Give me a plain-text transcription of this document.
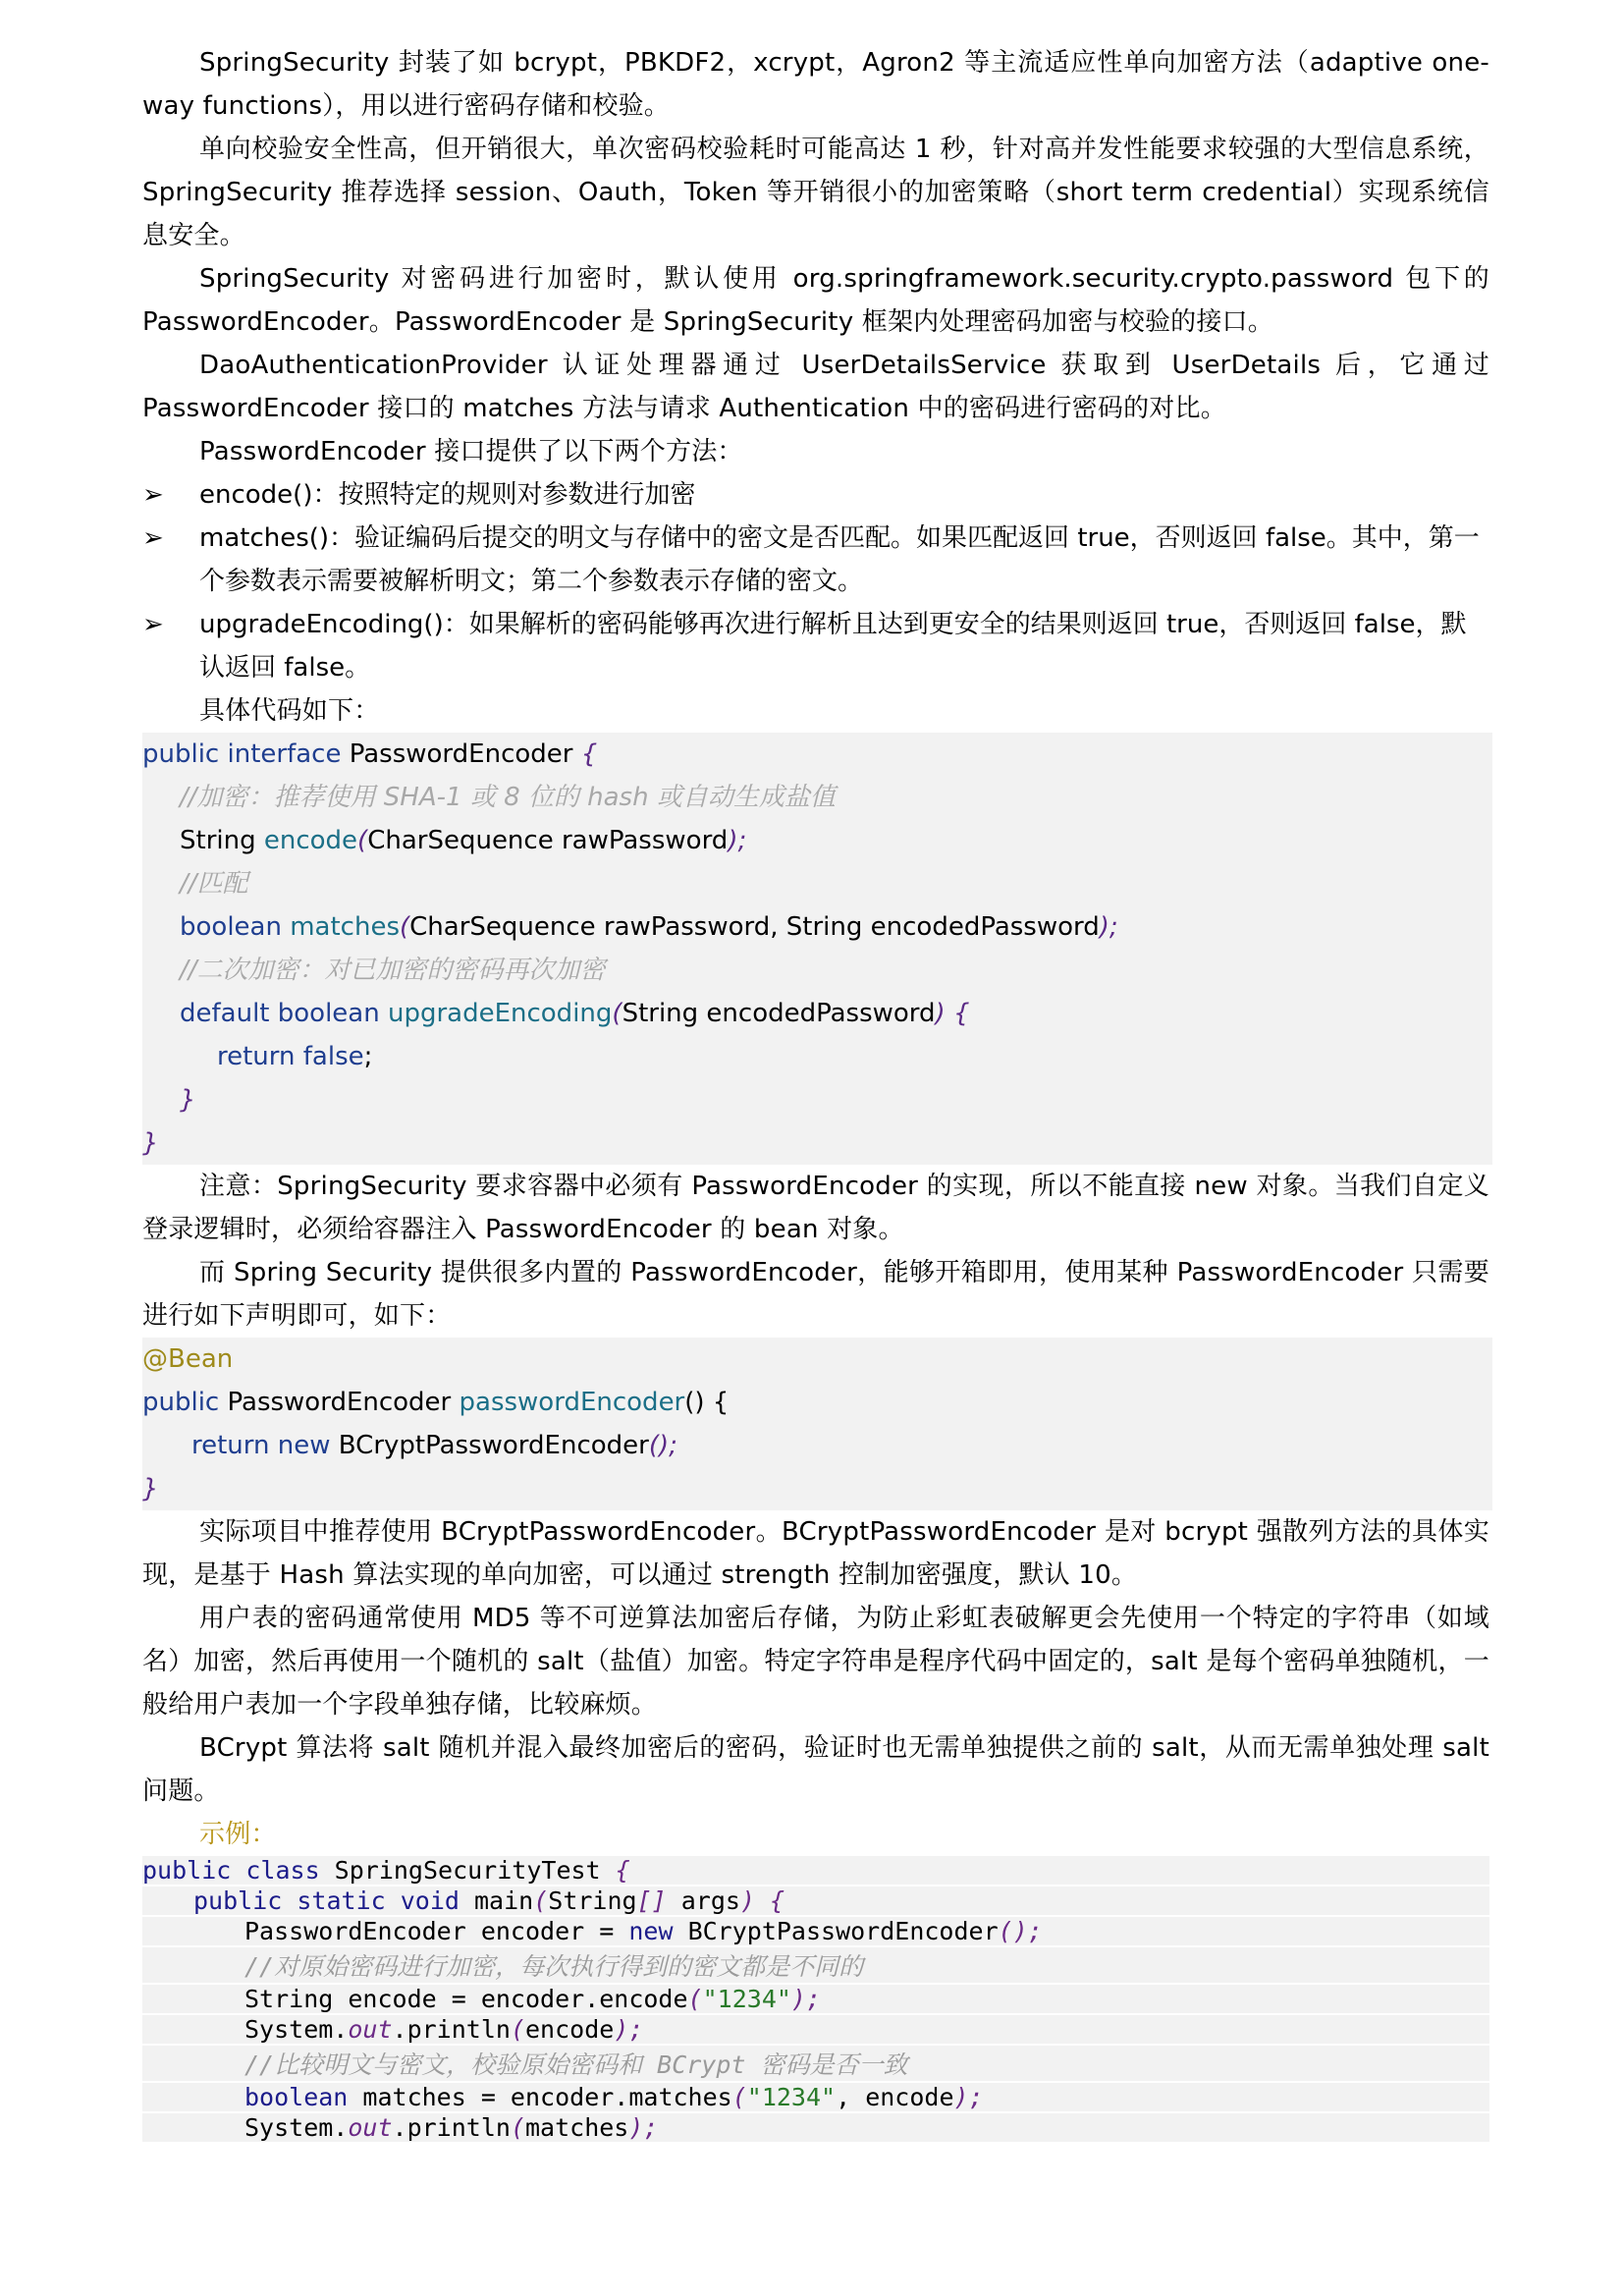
SpringSecurity 封装了如 bcrypt，PBKDF2，xcrypt，Agron2 等主流适应性单向加密方法（adaptive one-way functions），用以进行密码存储和校验。

单向校验安全性高，但开销很大，单次密码校验耗时可能高达 1 秒，针对高并发性能要求较强的大型信息系统，SpringSecurity 推荐选择 session、Oauth，Token 等开销很小的加密策略（short term credential）实现系统信息安全。

SpringSecurity 对密码进行加密时，默认使用 org.springframework.security.crypto.password 包下的 PasswordEncoder。PasswordEncoder 是 SpringSecurity 框架内处理密码加密与校验的接口。

DaoAuthenticationProvider 认证处理器通过 UserDetailsService 获取到 UserDetails 后，它通过 PasswordEncoder 接口的 matches 方法与请求 Authentication 中的密码进行密码的对比。

PasswordEncoder 接口提供了以下两个方法：

➢	encode()：按照特定的规则对参数进行加密
➢	matches()：验证编码后提交的明文与存储中的密文是否匹配。如果匹配返回 true，否则返回 false。其中，第一个参数表示需要被解析明文；第二个参数表示存储的密文。
➢	upgradeEncoding()：如果解析的密码能够再次进行解析且达到更安全的结果则返回 true，否则返回 false，默认返回 false。

具体代码如下：

public interface PasswordEncoder {
//加密：推荐使用 SHA-1 或 8 位的 hash 或自动生成盐值
String encode(CharSequence rawPassword);
//匹配
boolean matches(CharSequence rawPassword, String encodedPassword);
//二次加密：对已加密的密码再次加密
default boolean upgradeEncoding(String encodedPassword) {
return false;
}
}

注意：SpringSecurity 要求容器中必须有 PasswordEncoder 的实现，所以不能直接 new 对象。当我们自定义登录逻辑时，必须给容器注入 PasswordEncoder 的 bean 对象。

而 Spring Security 提供很多内置的 PasswordEncoder，能够开箱即用，使用某种 PasswordEncoder 只需要进行如下声明即可，如下：

@Bean
public PasswordEncoder passwordEncoder() {
return new BCryptPasswordEncoder();
}

实际项目中推荐使用 BCryptPasswordEncoder。BCryptPasswordEncoder 是对 bcrypt 强散列方法的具体实现，是基于 Hash 算法实现的单向加密，可以通过 strength 控制加密强度，默认 10。

用户表的密码通常使用 MD5 等不可逆算法加密后存储，为防止彩虹表破解更会先使用一个特定的字符串（如域名）加密，然后再使用一个随机的 salt（盐值）加密。特定字符串是程序代码中固定的，salt 是每个密码单独随机，一般给用户表加一个字段单独存储，比较麻烦。

BCrypt 算法将 salt 随机并混入最终加密后的密码，验证时也无需单独提供之前的 salt，从而无需单独处理 salt 问题。

示例：

public class SpringSecurityTest {
public static void main(String[] args) {
PasswordEncoder encoder = new BCryptPasswordEncoder();
//对原始密码进行加密，每次执行得到的密文都是不同的
String encode = encoder.encode("1234");
System.out.println(encode);
//比较明文与密文，校验原始密码和 BCrypt 密码是否一致
boolean matches = encoder.matches("1234", encode);
System.out.println(matches);
